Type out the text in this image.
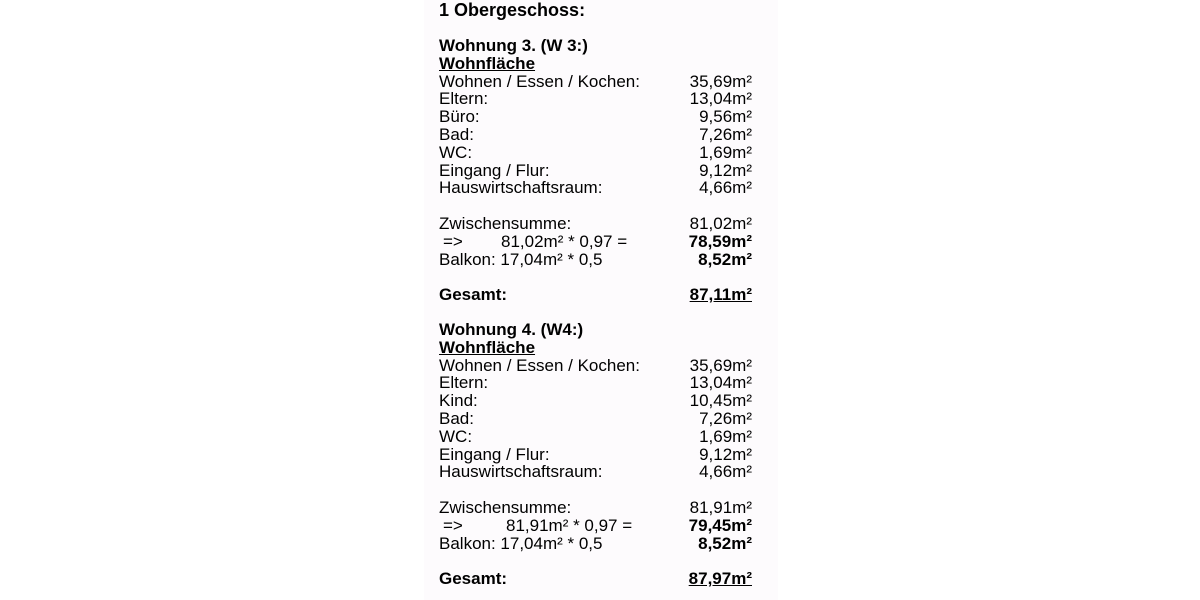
1 Obergeschoss:
Wohnung 3. (W 3:)
Wohnfläche
Wohnen / Essen / Kochen:	35,69m²
Eltern:	13,04m²
Büro:	9,56m²
Bad:	7,26m²
WC:	1,69m²
Eingang / Flur:	9,12m²
Hauswirtschaftsraum:	4,66m²
Zwischensumme:	81,02m²
=>	81,02m² * 0,97 =	78,59m²
Balkon: 17,04m² * 0,5	8,52m²
Gesamt:	87,11m²
Wohnung 4. (W4:)
Wohnfläche
Wohnen / Essen / Kochen:	35,69m²
Eltern:	13,04m²
Kind:	10,45m²
Bad:	7,26m²
WC:	1,69m²
Eingang / Flur:	9,12m²
Hauswirtschaftsraum:	4,66m²
Zwischensumme:	81,91m²
=>	81,91m² * 0,97 =	79,45m²
Balkon: 17,04m² * 0,5	8,52m²
Gesamt:	87,97m²
